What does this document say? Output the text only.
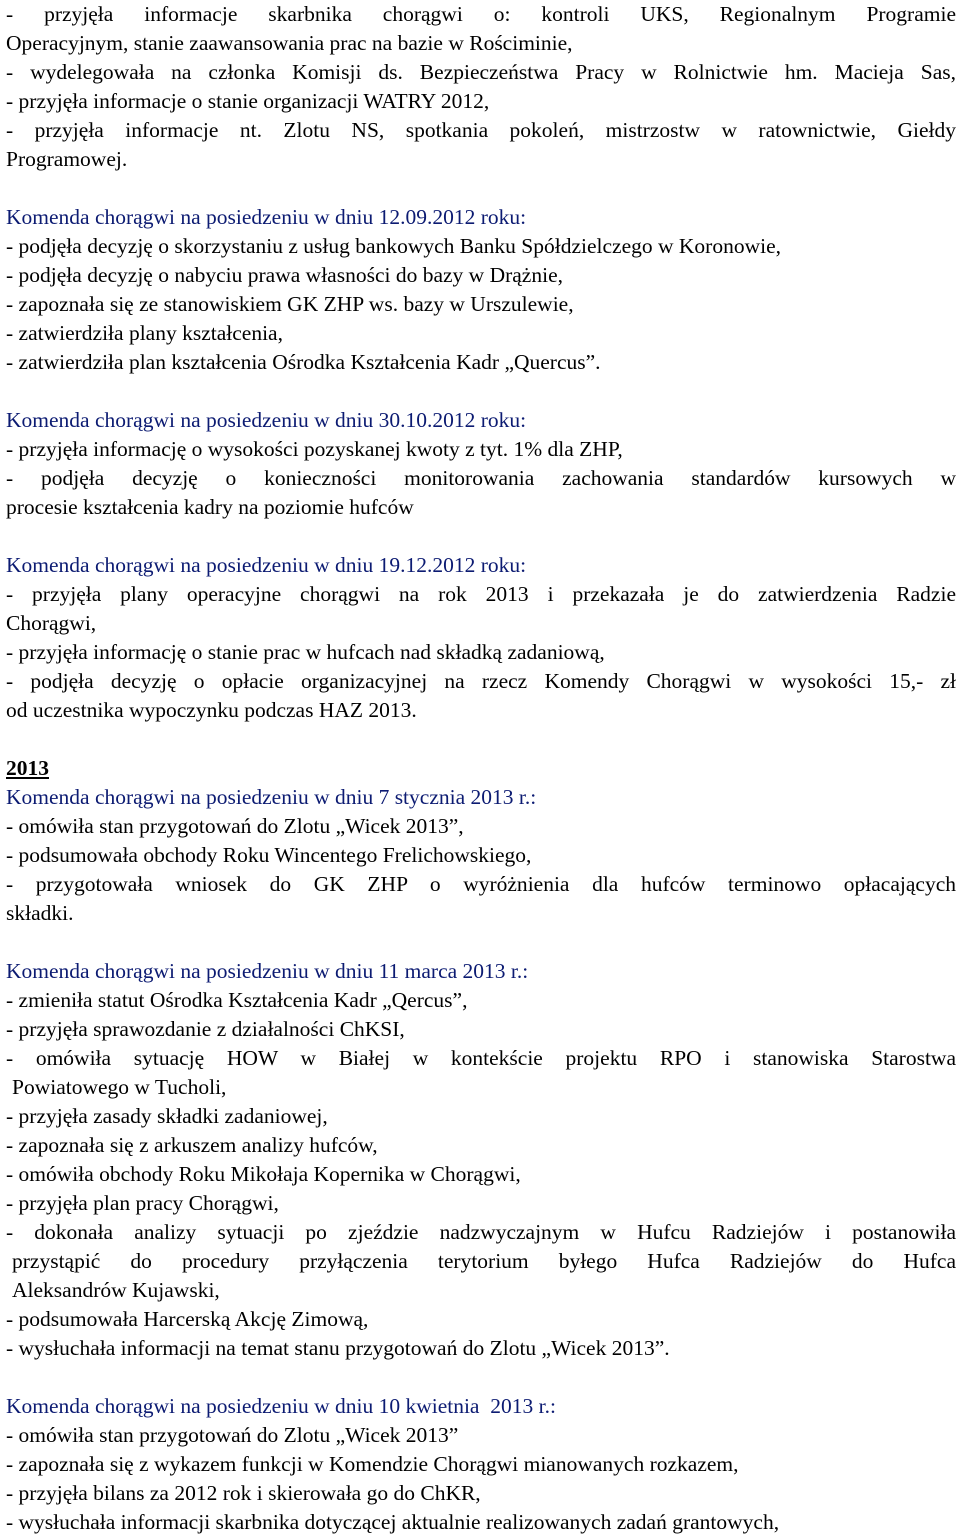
- przyjęła informacje skarbnika chorągwi o: kontroli UKS, Regionalnym Programie
Operacyjnym, stanie zaawansowania prac na bazie w Rościminie,
- wydelegowała na członka Komisji ds. Bezpieczeństwa Pracy w Rolnictwie hm. Macieja Sas,
- przyjęła informacje o stanie organizacji WATRY 2012,
- przyjęła informacje nt. Zlotu NS, spotkania pokoleń, mistrzostw w ratownictwie, Giełdy
Programowej.
Komenda chorągwi na posiedzeniu w dniu 12.09.2012 roku:
- podjęła decyzję o skorzystaniu z usług bankowych Banku Spółdzielczego w Koronowie,
- podjęła decyzję o nabyciu prawa własności do bazy w Drążnie,
- zapoznała się ze stanowiskiem GK ZHP ws. bazy w Urszulewie,
- zatwierdziła plany kształcenia,
- zatwierdziła plan kształcenia Ośrodka Kształcenia Kadr „Quercus”.
Komenda chorągwi na posiedzeniu w dniu 30.10.2012 roku:
- przyjęła informację o wysokości pozyskanej kwoty z tyt. 1% dla ZHP,
- podjęła decyzję o konieczności monitorowania zachowania standardów kursowych w
procesie kształcenia kadry na poziomie hufców
Komenda chorągwi na posiedzeniu w dniu 19.12.2012 roku:
- przyjęła plany operacyjne chorągwi na rok 2013 i przekazała je do zatwierdzenia Radzie
Chorągwi,
- przyjęła informację o stanie prac w hufcach nad składką zadaniową,
- podjęła decyzję o opłacie organizacyjnej na rzecz Komendy Chorągwi w wysokości 15,- zł
od uczestnika wypoczynku podczas HAZ 2013.
2013
Komenda chorągwi na posiedzeniu w dniu 7 stycznia 2013 r.:
- omówiła stan przygotowań do Zlotu „Wicek 2013”,
- podsumowała obchody Roku Wincentego Frelichowskiego,
- przygotowała wniosek do GK ZHP o wyróżnienia dla hufców terminowo opłacających
składki.
Komenda chorągwi na posiedzeniu w dniu 11 marca 2013 r.:
- zmieniła statut Ośrodka Kształcenia Kadr „Qercus”,
- przyjęła sprawozdanie z działalności ChKSI,
- omówiła sytuację HOW w Białej w kontekście projektu RPO i stanowiska Starostwa
Powiatowego w Tucholi,
- przyjęła zasady składki zadaniowej,
- zapoznała się z arkuszem analizy hufców,
- omówiła obchody Roku Mikołaja Kopernika w Chorągwi,
- przyjęła plan pracy Chorągwi,
- dokonała analizy sytuacji po zjeździe nadzwyczajnym w Hufcu Radziejów i postanowiła
przystąpić do procedury przyłączenia terytorium byłego Hufca Radziejów do Hufca
Aleksandrów Kujawski,
- podsumowała Harcerską Akcję Zimową,
- wysłuchała informacji na temat stanu przygotowań do Zlotu „Wicek 2013”.
Komenda chorągwi na posiedzeniu w dniu 10 kwietnia  2013 r.:
- omówiła stan przygotowań do Zlotu „Wicek 2013”
- zapoznała się z wykazem funkcji w Komendzie Chorągwi mianowanych rozkazem,
- przyjęła bilans za 2012 rok i skierowała go do ChKR,
- wysłuchała informacji skarbnika dotyczącej aktualnie realizowanych zadań grantowych,
